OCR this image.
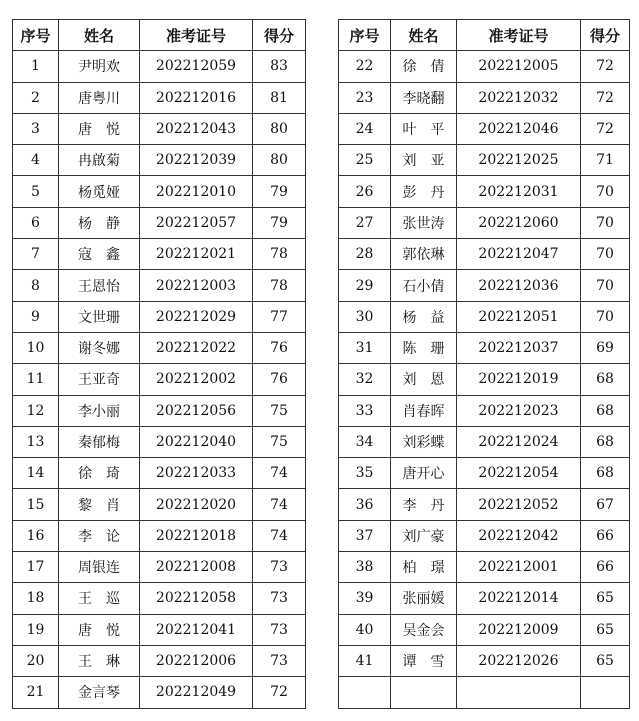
序号	姓名	准考证号	得分
1	尹明欢	202212059	83
2	唐粤川	202212016	81
3	唐　悦	202212043	80
4	冉啟菊	202212039	80
5	杨觅娅	202212010	79
6	杨　静	202212057	79
7	寇　鑫	202212021	78
8	王恩怡	202212003	78
9	文世珊	202212029	77
10	谢冬娜	202212022	76
11	王亚奇	202212002	76
12	李小丽	202212056	75
13	秦郁梅	202212040	75
14	徐　琦	202212033	74
15	黎　肖	202212020	74
16	李　论	202212018	74
17	周银连	202212008	73
18	王　巡	202212058	73
19	唐　悦	202212041	73
20	王　琳	202212006	73
21	金言琴	202212049	72
序号	姓名	准考证号	得分
22	徐　倩	202212005	72
23	李晓翻	202212032	72
24	叶　平	202212046	72
25	刘　亚	202212025	71
26	彭　丹	202212031	70
27	张世涛	202212060	70
28	郭依琳	202212047	70
29	石小倩	202212036	70
30	杨　益	202212051	70
31	陈　珊	202212037	69
32	刘　恩	202212019	68
33	肖春晖	202212023	68
34	刘彩蝶	202212024	68
35	唐开心	202212054	68
36	李　丹	202212052	67
37	刘广豪	202212042	66
38	柏　璟	202212001	66
39	张丽媛	202212014	65
40	吴金会	202212009	65
41	谭　雪	202212026	65
